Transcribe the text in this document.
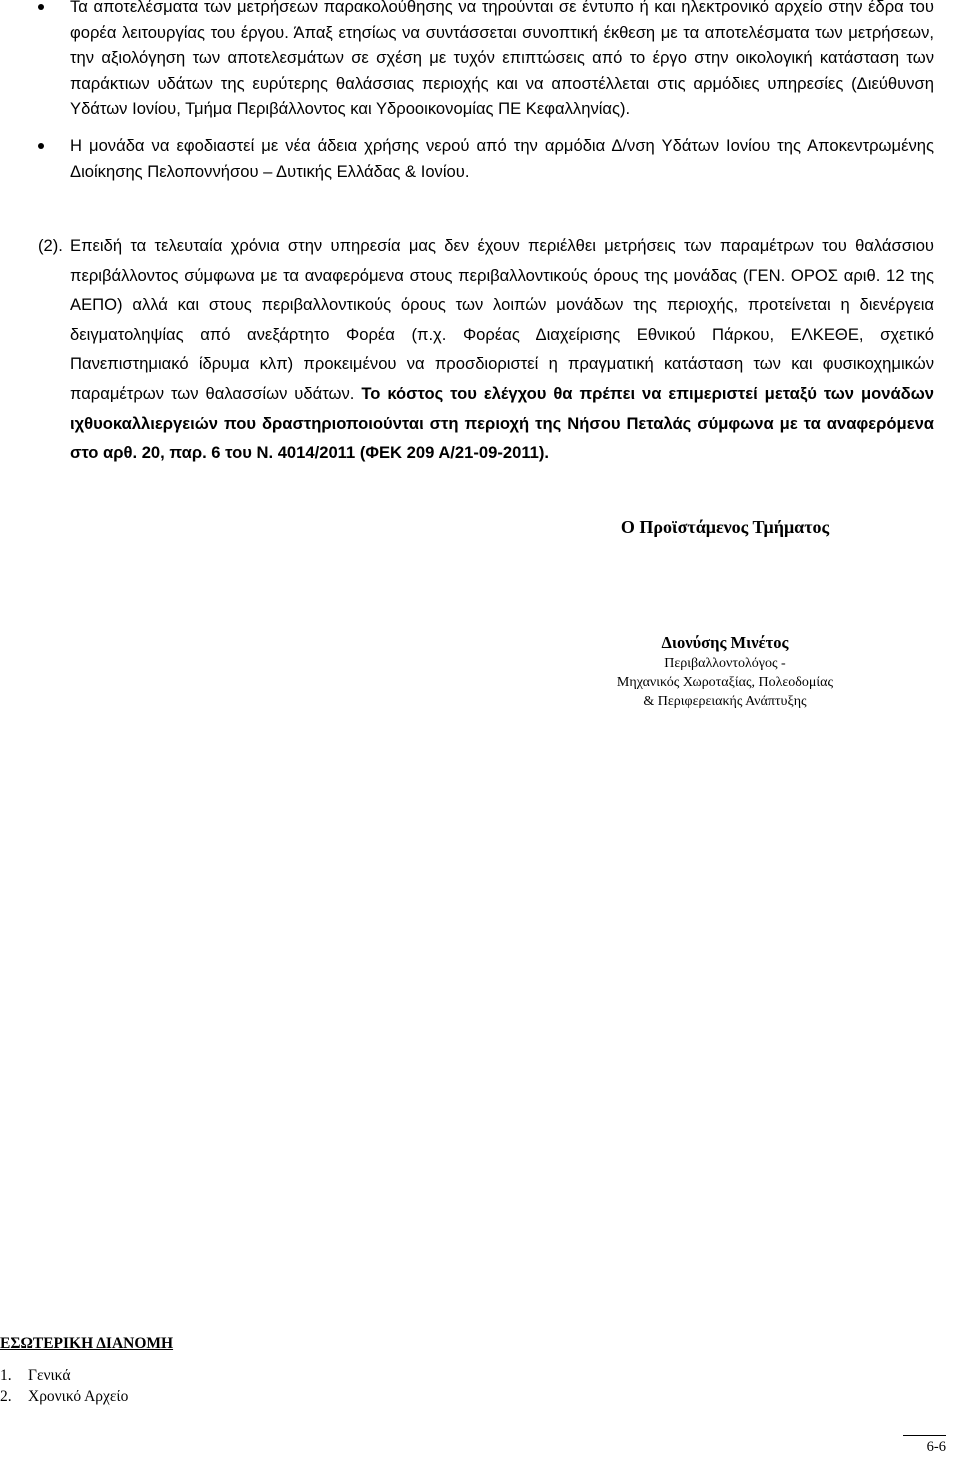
Τα αποτελέσματα των μετρήσεων παρακολούθησης να τηρούνται σε έντυπο ή και ηλεκτρονικό αρχείο στην έδρα του φορέα λειτουργίας του έργου. Άπαξ ετησίως να συντάσσεται συνοπτική έκθεση με τα αποτελέσματα των μετρήσεων, την αξιολόγηση των αποτελεσμάτων σε σχέση με τυχόν επιπτώσεις από το έργο στην οικολογική κατάσταση των παράκτιων υδάτων της ευρύτερης θαλάσσιας περιοχής και να αποστέλλεται στις αρμόδιες υπηρεσίες (Διεύθυνση Υδάτων Ιονίου, Τμήμα Περιβάλλοντος και Υδροοικονομίας ΠΕ Κεφαλληνίας).
Η μονάδα να εφοδιαστεί με νέα άδεια χρήσης νερού από την αρμόδια Δ/νση Υδάτων Ιονίου της Αποκεντρωμένης Διοίκησης Πελοποννήσου – Δυτικής Ελλάδας & Ιονίου.
(2). Επειδή τα τελευταία χρόνια στην υπηρεσία μας δεν έχουν περιέλθει μετρήσεις των παραμέτρων του θαλάσσιου περιβάλλοντος σύμφωνα με τα αναφερόμενα στους περιβαλλοντικούς όρους της μονάδας (ΓΕΝ. ΟΡΟΣ αριθ. 12 της ΑΕΠΟ) αλλά και στους περιβαλλοντικούς όρους των λοιπών μονάδων της περιοχής, προτείνεται η διενέργεια δειγματοληψίας από ανεξάρτητο Φορέα (π.χ. Φορέας Διαχείρισης Εθνικού Πάρκου, ΕΛΚΕΘΕ, σχετικό Πανεπιστημιακό ίδρυμα κλπ) προκειμένου να προσδιοριστεί η πραγματική κατάσταση των και φυσικοχημικών παραμέτρων των θαλασσίων υδάτων. Το κόστος του ελέγχου θα πρέπει να επιμεριστεί μεταξύ των μονάδων ιχθυοκαλλιεργειών που δραστηριοποιούνται στη περιοχή της Νήσου Πεταλάς σύμφωνα με τα αναφερόμενα στο αρθ. 20, παρ. 6 του Ν. 4014/2011 (ΦΕΚ 209 Α/21-09-2011).
Ο Προϊστάμενος Τμήματος
Διονύσης Μινέτος
Περιβαλλοντολόγος -
Μηχανικός Χωροταξίας, Πολεοδομίας
& Περιφερειακής Ανάπτυξης
ΕΣΩΤΕΡΙΚΗ ΔΙΑΝΟΜΗ
1. Γενικά
2. Χρονικό Αρχείο
6-6
